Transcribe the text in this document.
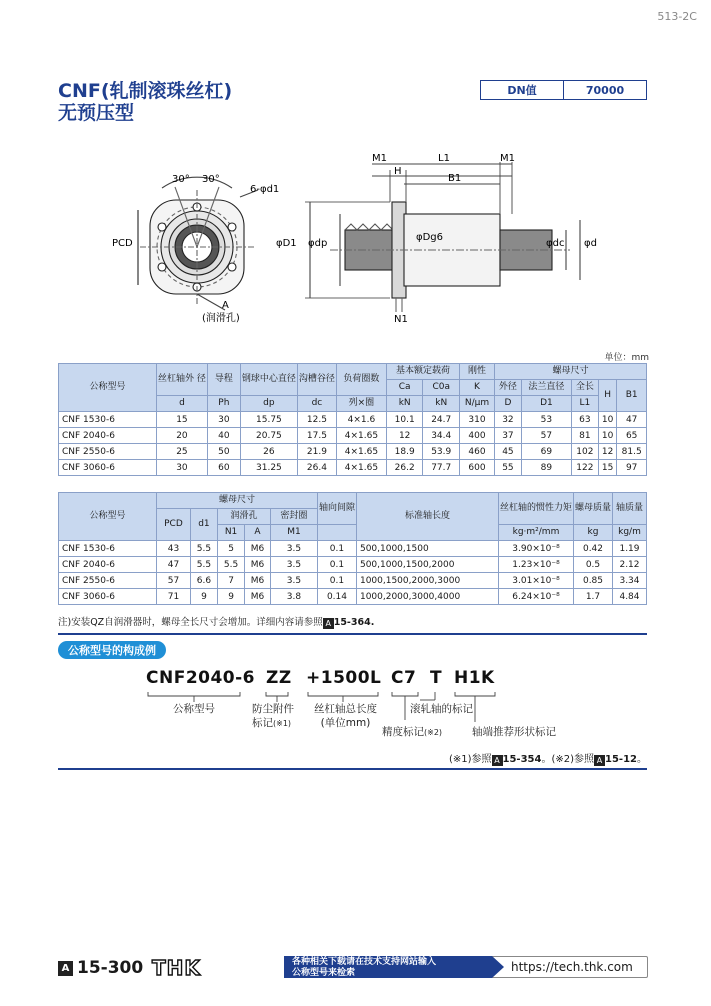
513-2C
CNF(轧制滚珠丝杠)
无预压型
DN值	70000
30° 30°
6-φd1
PCD
A
(润滑孔)
M1	L1	M1
H
B1
φD1 φdp
φDg6
φdc φd
N1
单位：mm
公称型号	丝杠轴外 径	导程	钢球中心直径	沟槽谷径	负荷圈数	基本额定载荷		刚性	螺母尺寸				
						Ca	C0a	K	外径	法兰直径	全长	H	B1
	d	Ph	dp	dc	列×圈	kN	kN	N/μm	D	D1	L1		
CNF 1530-6	15	30	15.75	12.5	4×1.6	10.1	24.7	310	32	53	63	10	47
CNF 2040-6	20	40	20.75	17.5	4×1.65	12	34.4	400	37	57	81	10	65
CNF 2550-6	25	50	26	21.9	4×1.65	18.9	53.9	460	45	69	102	12	81.5
CNF 3060-6	30	60	31.25	26.4	4×1.65	26.2	77.7	600	55	89	122	15	97
公称型号	螺母尺寸					轴向间隙	标准轴长度	丝杠轴的惯性力矩	螺母质量	轴质量
	PCD	d1	润滑孔		密封圈					
			N1	A	M1			kg·m²/mm	kg	kg/m
CNF 1530-6	43	5.5	5	M6	3.5	0.1	500,1000,1500	3.90×10⁻⁸	0.42	1.19
CNF 2040-6	47	5.5	5.5	M6	3.5	0.1	500,1000,1500,2000	1.23×10⁻⁸	0.5	2.12
CNF 2550-6	57	6.6	7	M6	3.5	0.1	1000,1500,2000,3000	3.01×10⁻⁸	0.85	3.34
CNF 3060-6	71	9	9	M6	3.8	0.14	1000,2000,3000,4000	6.24×10⁻⁸	1.7	4.84
注)安装QZ自润滑器时，螺母全长尺寸会增加。详细内容请参照 A 15-364.
公称型号的构成例
CNF2040-6 ZZ +1500L C7 T H1K
公称型号	防尘附件
标记(※1)
丝杠轴总长度
(单位mm)
滚轧轴的标记
精度标记(※2)	轴端推荐形状标记
(※1)参照 A 15-354。(※2)参照 A 15-12。
A 15-300 THK	https://tech.thk.com
各种相关下载请在技术支持网站输入
公称型号来检索
